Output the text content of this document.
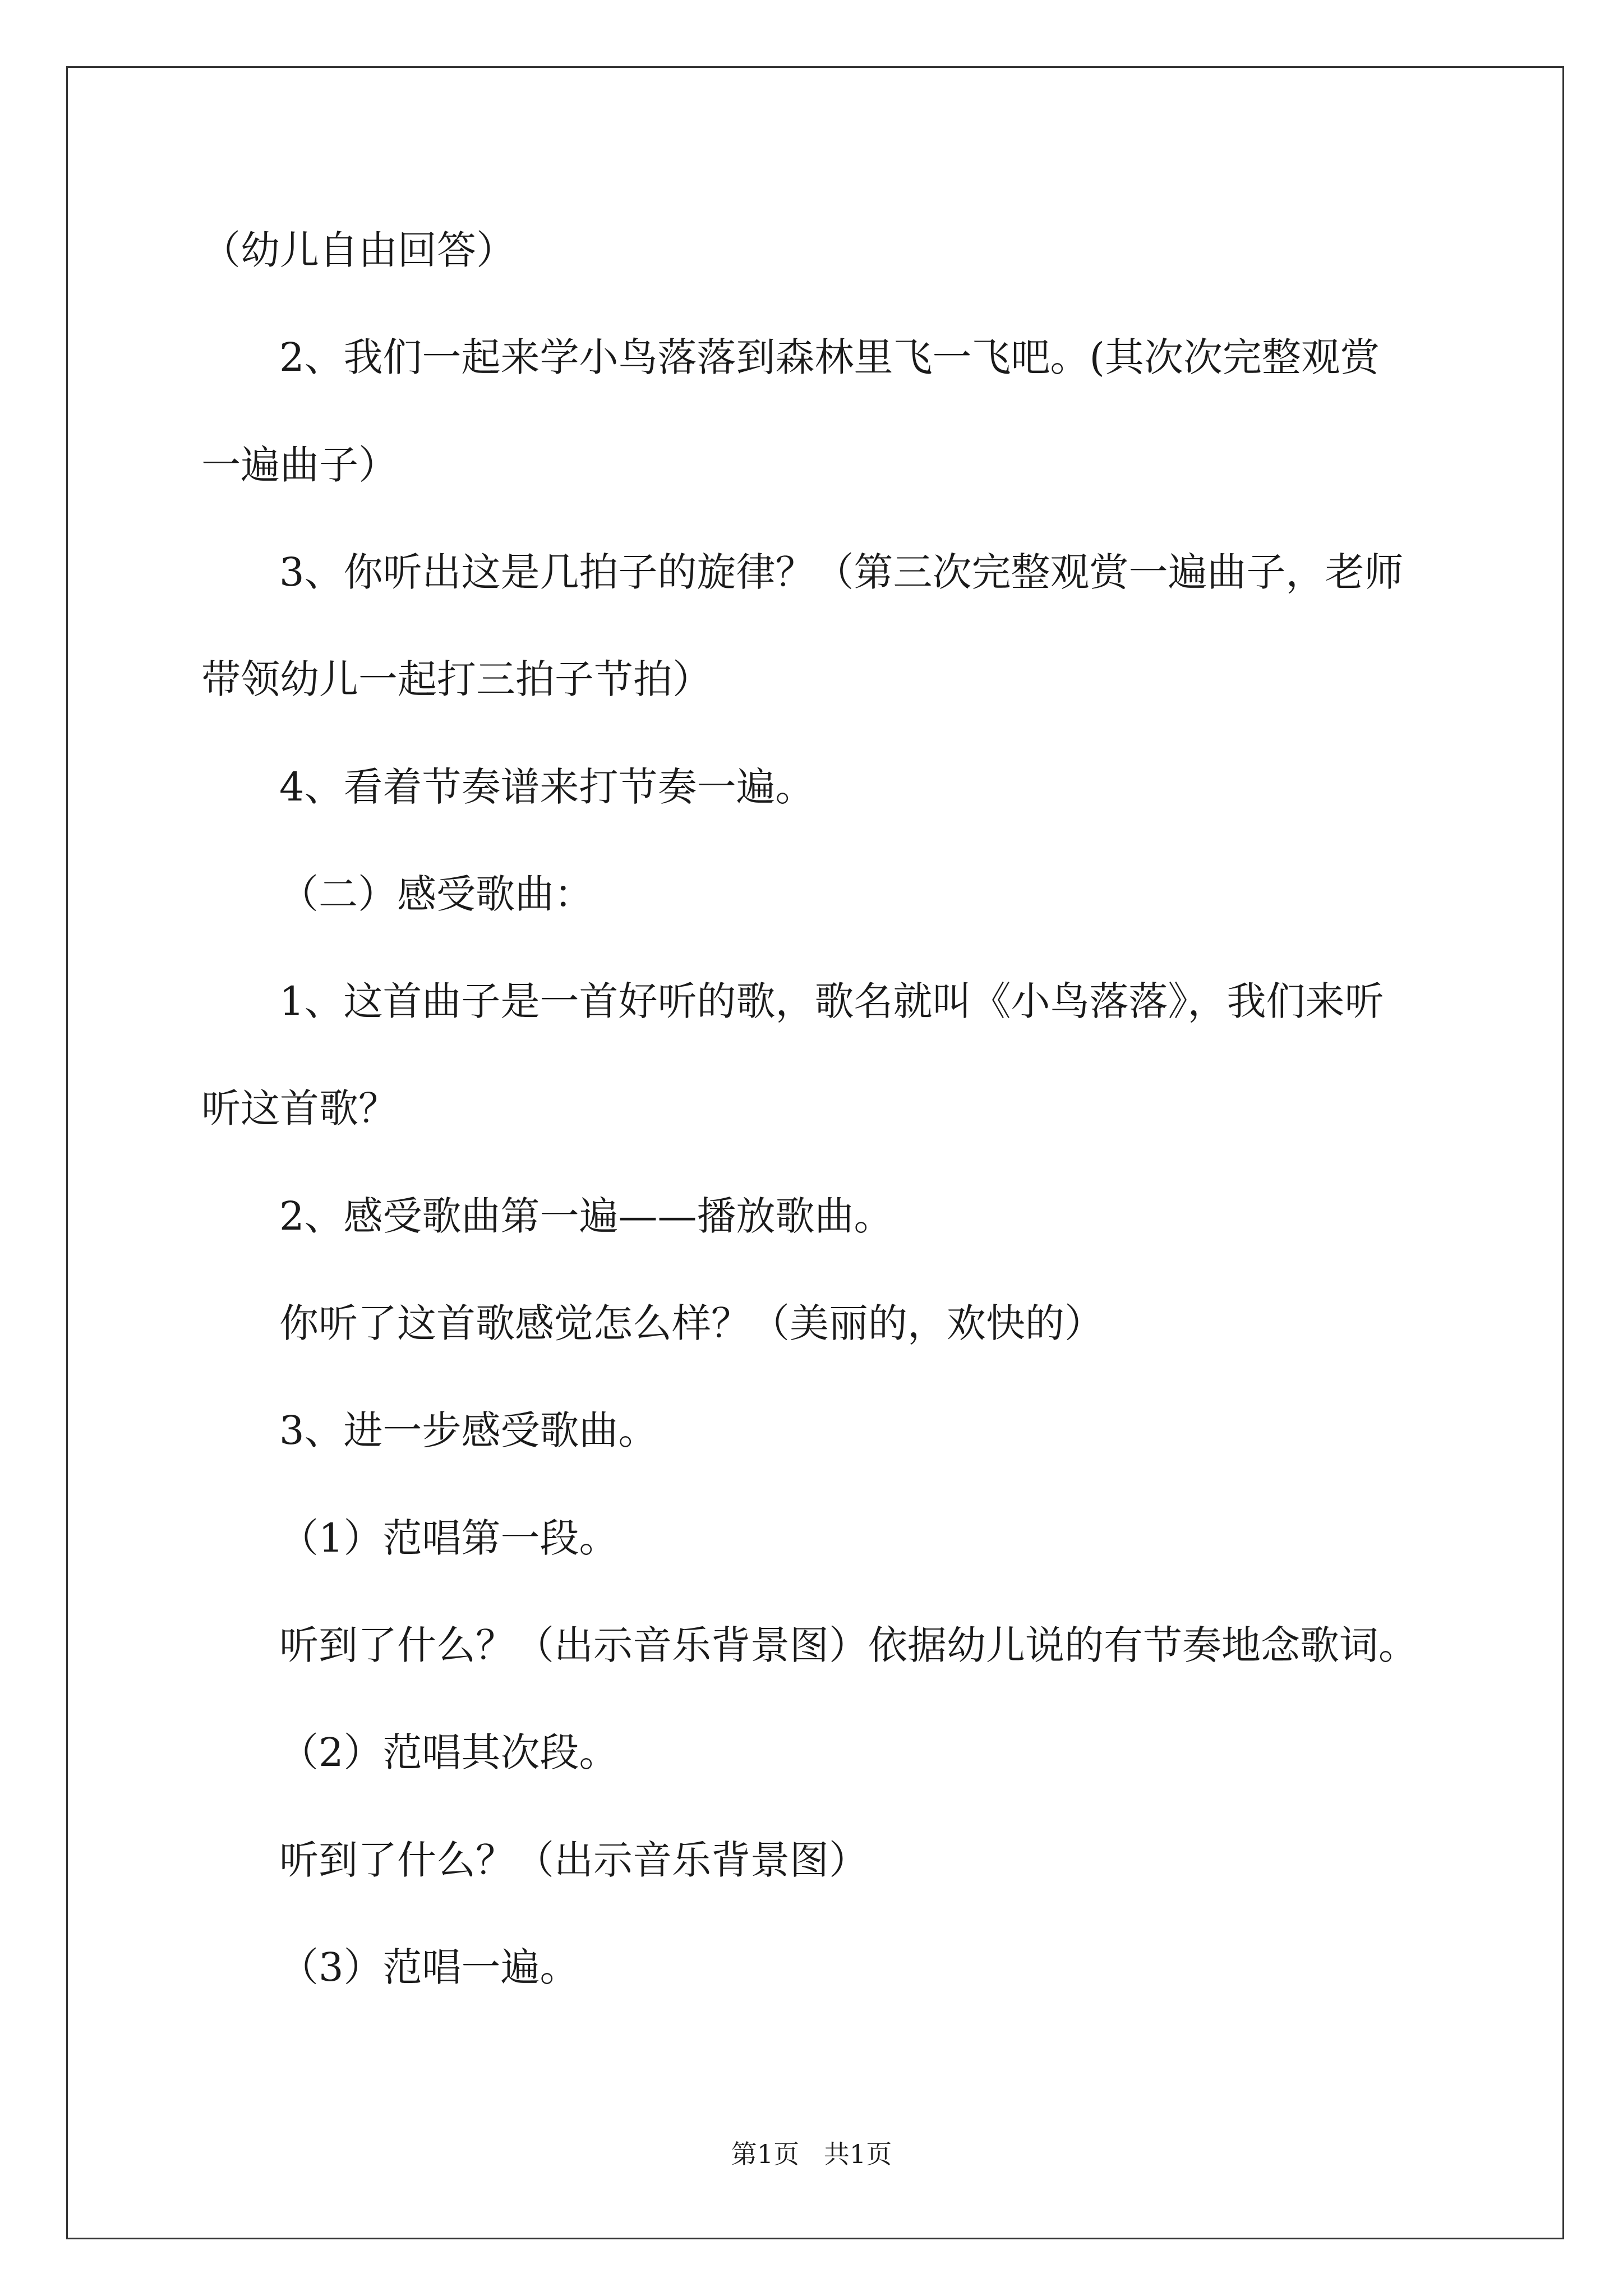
（幼儿自由回答）
2、我们一起来学小鸟落落到森林里飞一飞吧。(其次次完整观赏
一遍曲子）
3、你听出这是几拍子的旋律？（第三次完整观赏一遍曲子，老师
带领幼儿一起打三拍子节拍）
4、看着节奏谱来打节奏一遍。
（二）感受歌曲：
1、这首曲子是一首好听的歌，歌名就叫《小鸟落落》，我们来听
听这首歌？
2、感受歌曲第一遍——播放歌曲。
你听了这首歌感觉怎么样？（美丽的，欢快的）
3、进一步感受歌曲。
（1）范唱第一段。
听到了什么？（出示音乐背景图）依据幼儿说的有节奏地念歌词。
（2）范唱其次段。
听到了什么？（出示音乐背景图）
（3）范唱一遍。
第1页   共1页
